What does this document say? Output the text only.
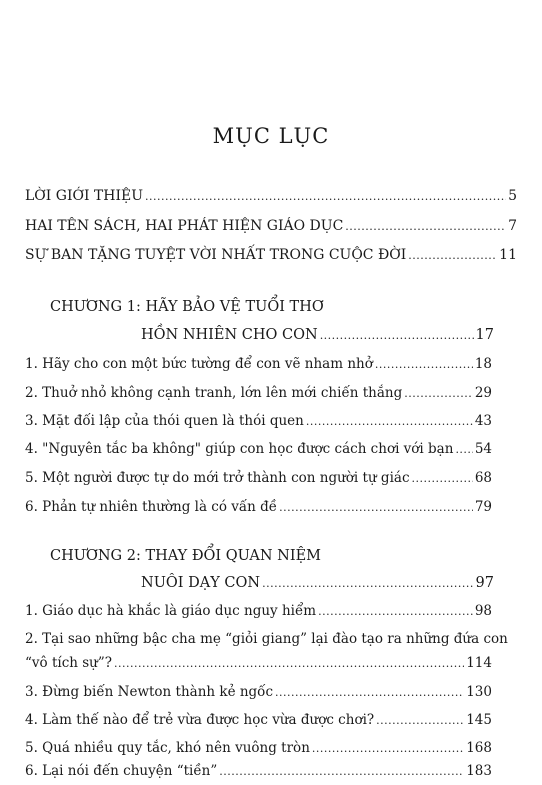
MỤC LỤC
LỜI GIỚI THIỆU .....	5
HAI TÊN SÁCH, HAI PHÁT HIỆN GIÁO DỤC .....	7
SỰ BAN TẶNG TUYỆT VỜI NHẤT TRONG CUỘC ĐỜI .....	11
CHƯƠNG 1: HÃY BẢO VỆ TUỔI THƠ
HỒN NHIÊN CHO CON .....	17
1. Hãy cho con một bức tường để con vẽ nham nhở .....	18
2. Thuở nhỏ không cạnh tranh, lớn lên mới chiến thắng .....	29
3. Mặt đối lập của thói quen là thói quen .....	43
4. "Nguyên tắc ba không" giúp con học được cách chơi với bạn ..... 54
5. Một người được tự do mới trở thành con người tự giác .....	68
6. Phản tự nhiên thường là có vấn đề .....	79
CHƯƠNG 2: THAY ĐỔI QUAN NIỆM
NUÔI DẠY CON .....	97
1. Giáo dục hà khắc là giáo dục nguy hiểm .....	98
2. Tại sao những bậc cha mẹ “giỏi giang” lại đào tạo ra những đứa con
“vô tích sự”? .....	114
3. Đừng biến Newton thành kẻ ngốc .....	130
4. Làm thế nào để trẻ vừa được học vừa được chơi? .....	145
5. Quá nhiều quy tắc, khó nên vuông tròn .....	168
6. Lại nói đến chuyện “tiền” .....	183
